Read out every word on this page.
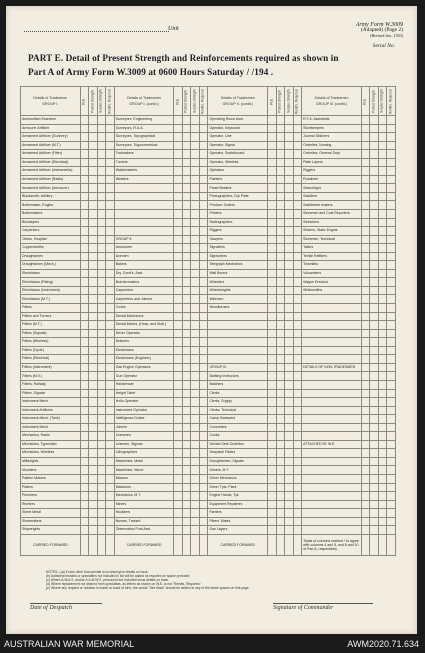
Unit
Army Form W.3009
(Adapted) (Page 2)
(Revised Jan., 1943)
Serial No.
PART E. Detail of Present Strength and Reinforcements required as shown in
Part A of Army Form W.3009 at 0600 Hours Saturday / /194 .
Details of Tradesmen
GROUP I.	W.E.	Posted Strength	Surplus Strength	Reinfts. Required	Details of Tradesmen
GROUP I. (contd.)	W.E.	Posted Strength	Surplus Strength	Reinfts. Required	Details of Tradesmen
GROUP II. (contd.)	W.E.	Posted Strength	Surplus Strength	Reinfts. Required	Details of Tradesmen
GROUP III. (contd.)	W.E.	Posted Strength	Surplus Strength	Reinfts. Required
Ammunition Examiner					Surveyors, Engineering					Operating Room Asst.					R.F.A. Assistants				
Armourer Artificer					Surveyors, R.A.A.					Operator, Keyboard					Storekeepers				
Armament Artificer (Gunnery)					Surveyors, Topographical					Operator, Line					Journal Stitchers				
Armament Artificer (M.T.)					Surveyors, Trigonometrical					Operator, Signal					Orderlies, Nursing				
Armament Artificer (Fitter)					Toolmakers					Operator, Switchboard					Orderlies, General Duty				
Armament Artificer (Electrical)					Turners					Operator, Wireless					Plate Layers				
Armament Artificer (Instruments)					Watchmakers					Opticians					Riggers				
Armament Artificer (Radio)					Welders					Painters					Roadmen				
Armament Artificer (Armourer)										Panel Beaters					Searchlight				
Blacksmith, Artillery										Photographers, Dry Plate					Saddlers				
Boilermaker, Engine										Produce Sorters					Saddletree makers				
Boilermakers										Printers					Storemen and Cost Reporters				
Bricklayers										Radiographers					Stretchers				
Carpenters										Riggers					Stokers, Static Engine				
Clerks, Hospital					GROUP II.					Sawyers					Storemen, Technical				
Coppersmiths					Armourers					Signallers					Tailors				
Draughtsmen					Axemen					Signwriters					Textile Refitters				
Draughtsmen (Mech.)					Bakers					Telegraph Mechanics					Tinsmiths				
Electricians					Dry. Cond's. Asst.					Wall Borers					Vulcanisers				
Electricians (Fitting)					Butchermakers					Wheelers					Wagon Erectors				
Electricians (Instrument)					Carpenters					Wheelwrights					Whitesmiths				
Electricians (M.T.)					Carpenters and Joiners					Wiremen									
Fitters					Cooks					Woodturners									
Fitters and Turners					Dental Mechanics														
Fitters (M.T.)					Dental Mechs. (Hosp. and Mob.)														
Fitters (Signals)					Driver Operator														
Fitters (Wireless)					Drainers														
Fitters (Cycle)					Electricians														
Fitters (Electrical)					Electricians (Engineer)														
Fitters (Instrument)					Gas Engine Operators					GROUP III.					DETAILS OF NON-TRADESMEN				
Fitters (M.V.)					Gun Operator					Bathing Instructors									
Fitters, Railway					Hairdresser					Batchers									
Fitters, Signals					Height Taker					Clerks									
Instrument Mech.					Hollo Operator					Clerks, Supply									
Instrument Artificers					Instrument Operator					Clerks, Technical									
Instrument Mech. (Tank)					Intelligence Duties					Camp Sweepers									
Instrument Mech.					Joiners					Concreters									
Mechanics, Radio					Linesmen					Cooks									
Mechanics, Typewriter					Linemen, Signals					Dental Clerk Orderlies					ATTACHED BY W.E.				
Mechanics, Wireless					Lithographers					Despatch Riders									
Millwrights					Machinists, Metal					Draughtsmen, Signals									
Moulders					Machinists, Wood					Drivers, M.T.									
Pattern Makers					Masons					Driver Mechanics									
Platers					Masseurs					Driver Tpts. Plant									
Plumbers					Mechanics, M.T.					Engine Hands, Tpt.									
Riveters					Miners					Equipment Repairers									
Sheet Metal					Moulders					Farriers									
Shoemakers					Nurses, Trained					Fitters' Mates									
Shipwrights					Observation Post Asst.					Gas Layers									
CARRIED FORWARD					CARRIED FORWARD					CARRIED FORWARD					Totals of columns marked * to agree with columns 4 and 5, and 6 and 10 of Part A, respectively.				
NOTES—(a) If rank other than private is involved give details on back.
(b) Authorised trades or specialties not included in list will be added as required on space provided.
(c) Where A.W.A.S. and/or A.A.M.W.S. personnel are included show details on back.
(d) Where replacement not desired from specialists, as letters as shown on W.E. is not "Reinfts. Required."
(e) Where any request or notation is made on back of form, the words "See Back" should be written in any of the blank spaces on this page.
Date of Despatch	Signature of Commander
AUSTRALIAN WAR MEMORIAL	AWM2020.71.634
